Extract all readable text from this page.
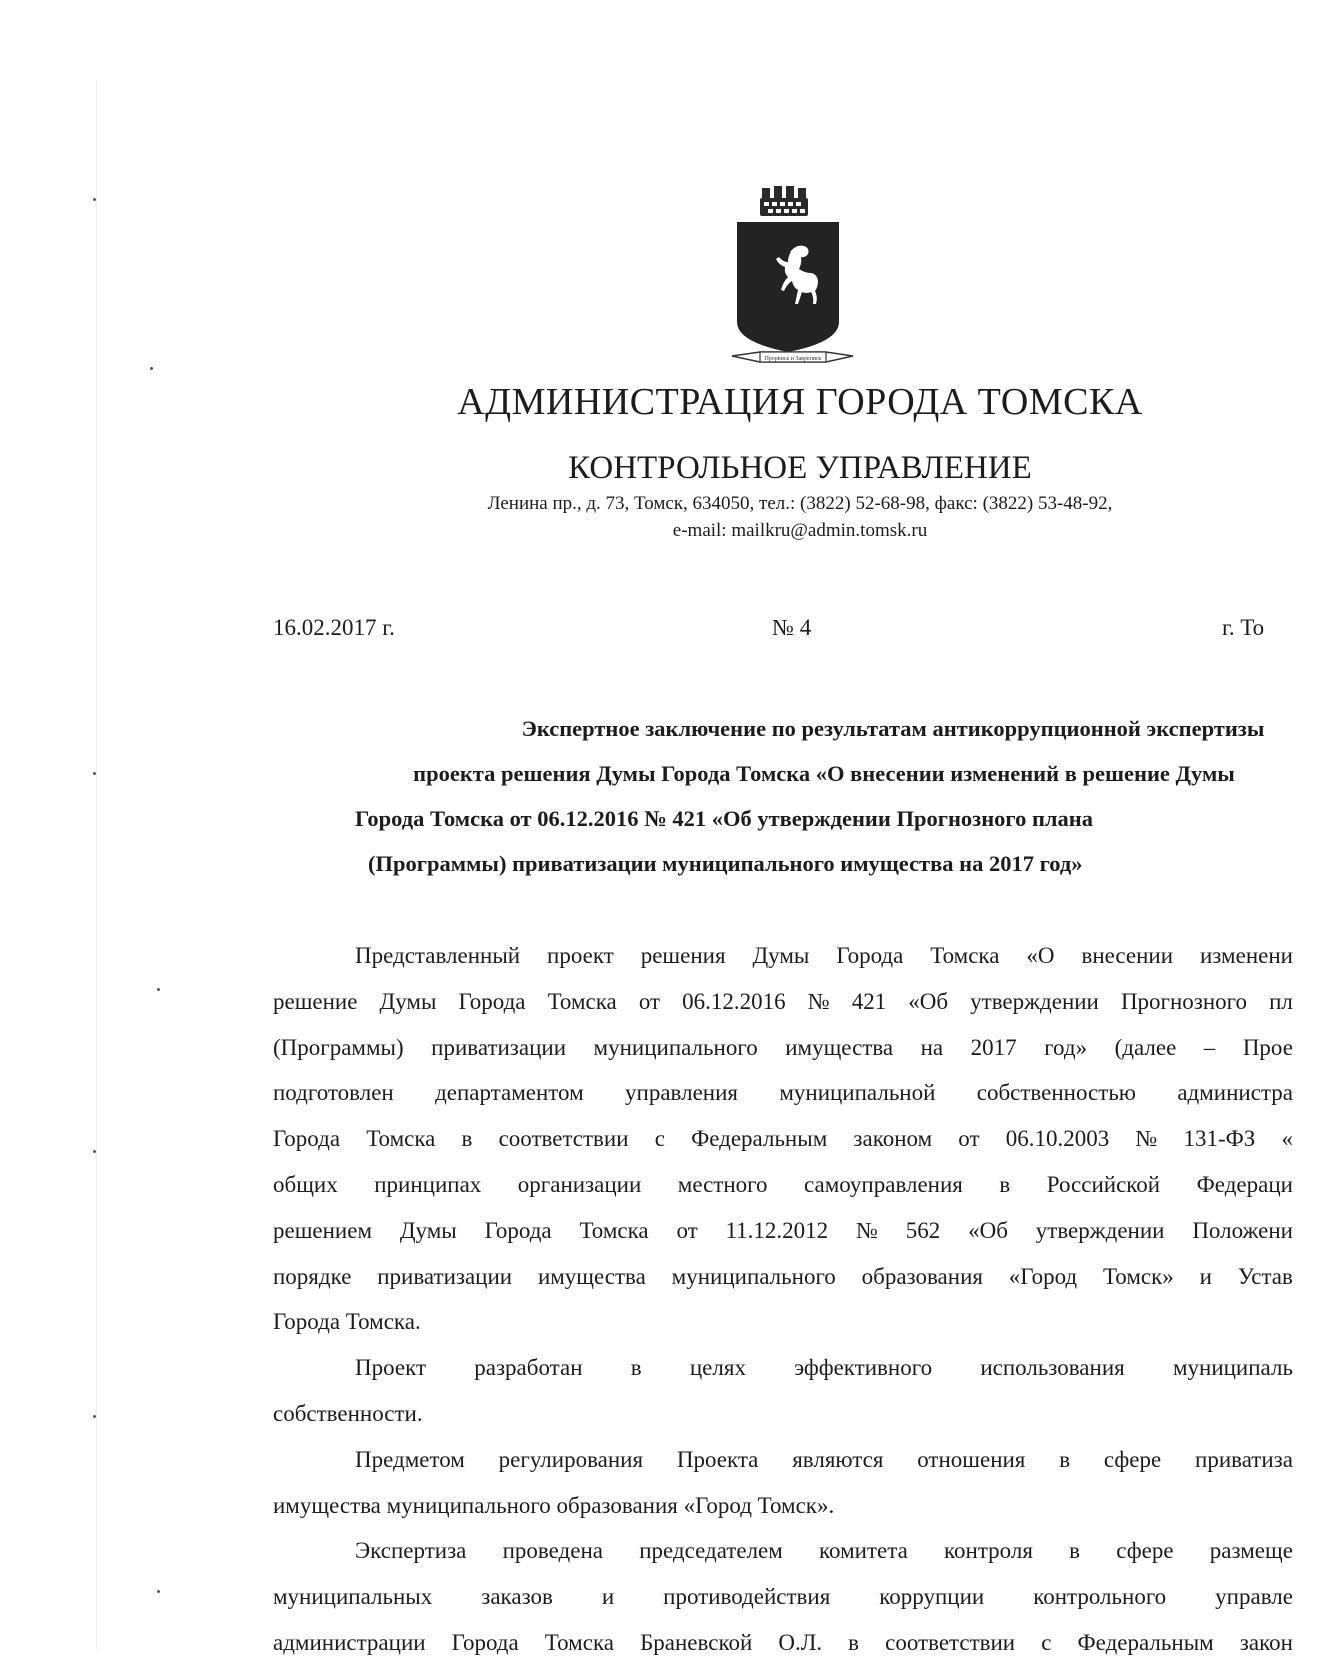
Прорвись и Закрепись
АДМИНИСТРАЦИЯ ГОРОДА ТОМСКА
КОНТРОЛЬНОЕ УПРАВЛЕНИЕ
Ленина пр., д. 73, Томск, 634050, тел.: (3822) 52-68-98, факс: (3822) 53-48-92,
e-mail: mailkru@admin.tomsk.ru
16.02.2017 г.	№ 4	г. То
Экспертное заключение по результатам антикоррупционной экспертизы
проекта решения Думы Города Томска «О внесении изменений в решение Думы
Города Томска от 06.12.2016 № 421 «Об утверждении Прогнозного плана
(Программы) приватизации муниципального имущества на 2017 год»
Представленный проект решения Думы Города Томска «О внесении изменени
решение Думы Города Томска от 06.12.2016 № 421 «Об утверждении Прогнозного пл
(Программы) приватизации муниципального имущества на 2017 год» (далее – Прое
подготовлен департаментом управления муниципальной собственностью администра
Города Томска в соответствии с Федеральным законом от 06.10.2003 № 131-ФЗ «
общих принципах организации местного самоуправления в Российской Федераци
решением Думы Города Томска от 11.12.2012 № 562 «Об утверждении Положени
порядке приватизации имущества муниципального образования «Город Томск» и Устав
Города Томска.
Проект разработан в целях эффективного использования муниципаль
собственности.
Предметом регулирования Проекта являются отношения в сфере приватиза
имущества муниципального образования «Город Томск».
Экспертиза проведена председателем комитета контроля в сфере размеще
муниципальных заказов и противодействия коррупции контрольного управле
администрации Города Томска Браневской О.Л. в соответствии с Федеральным закон
